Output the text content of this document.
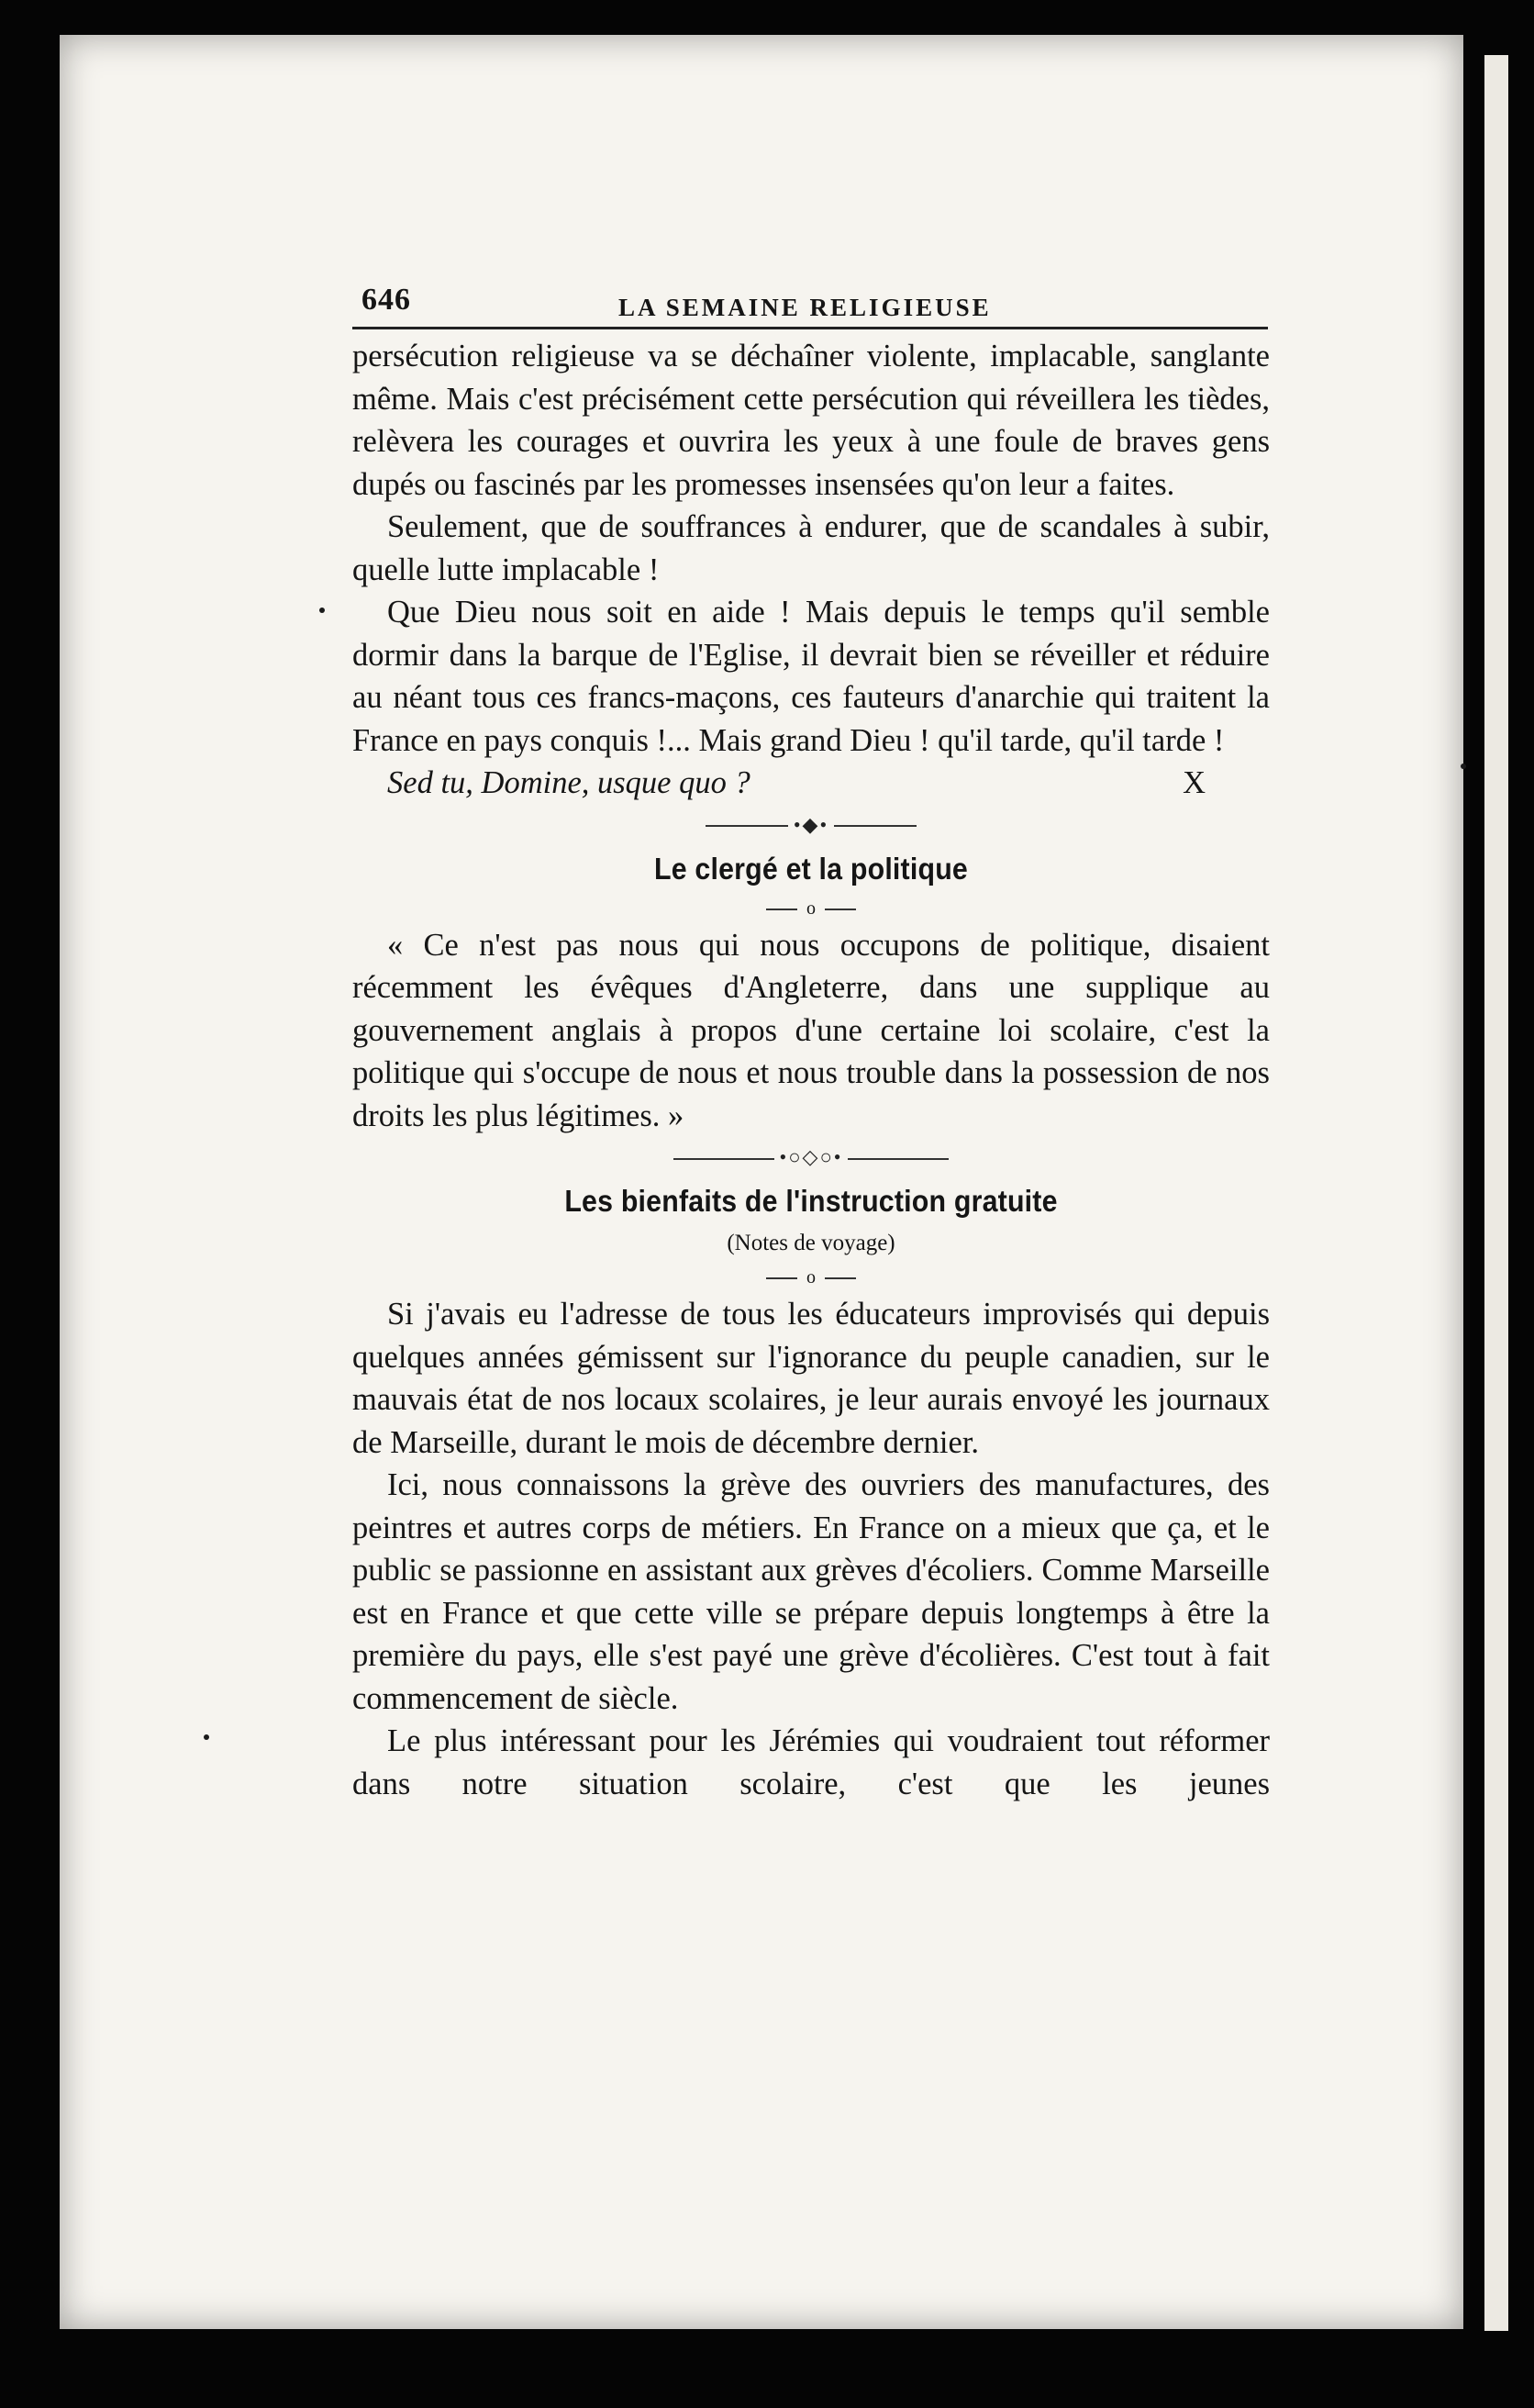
646	LA SEMAINE RELIGIEUSE

persécution religieuse va se déchaîner violente, implacable, sanglante même. Mais c'est précisément cette persécution qui réveillera les tièdes, relèvera les courages et ouvrira les yeux à une foule de braves gens dupés ou fascinés par les promesses insensées qu'on leur a faites.

Seulement, que de souffrances à endurer, que de scandales à subir, quelle lutte implacable !

Que Dieu nous soit en aide ! Mais depuis le temps qu'il semble dormir dans la barque de l'Eglise, il devrait bien se réveiller et réduire au néant tous ces francs-maçons, ces fauteurs d'anarchie qui traitent la France en pays conquis !... Mais grand Dieu ! qu'il tarde, qu'il tarde !

Sed tu, Domine, usque quo ?	X
•◆•
Le clergé et la politique
o

« Ce n'est pas nous qui nous occupons de politique, disaient récemment les évêques d'Angleterre, dans une supplique au gouvernement anglais à propos d'une certaine loi scolaire, c'est la politique qui s'occupe de nous et nous trouble dans la possession de nos droits les plus légitimes. »

•○◇○•
Les bienfaits de l'instruction gratuite
(Notes de voyage)
o

Si j'avais eu l'adresse de tous les éducateurs improvisés qui depuis quelques années gémissent sur l'ignorance du peuple canadien, sur le mauvais état de nos locaux scolaires, je leur aurais envoyé les journaux de Marseille, durant le mois de décembre dernier.

Ici, nous connaissons la grève des ouvriers des manufactures, des peintres et autres corps de métiers. En France on a mieux que ça, et le public se passionne en assistant aux grèves d'écoliers. Comme Marseille est en France et que cette ville se prépare depuis longtemps à être la première du pays, elle s'est payé une grève d'écolières. C'est tout à fait commencement de siècle.

Le plus intéressant pour les Jérémies qui voudraient tout réformer dans notre situation scolaire, c'est que les jeunes
